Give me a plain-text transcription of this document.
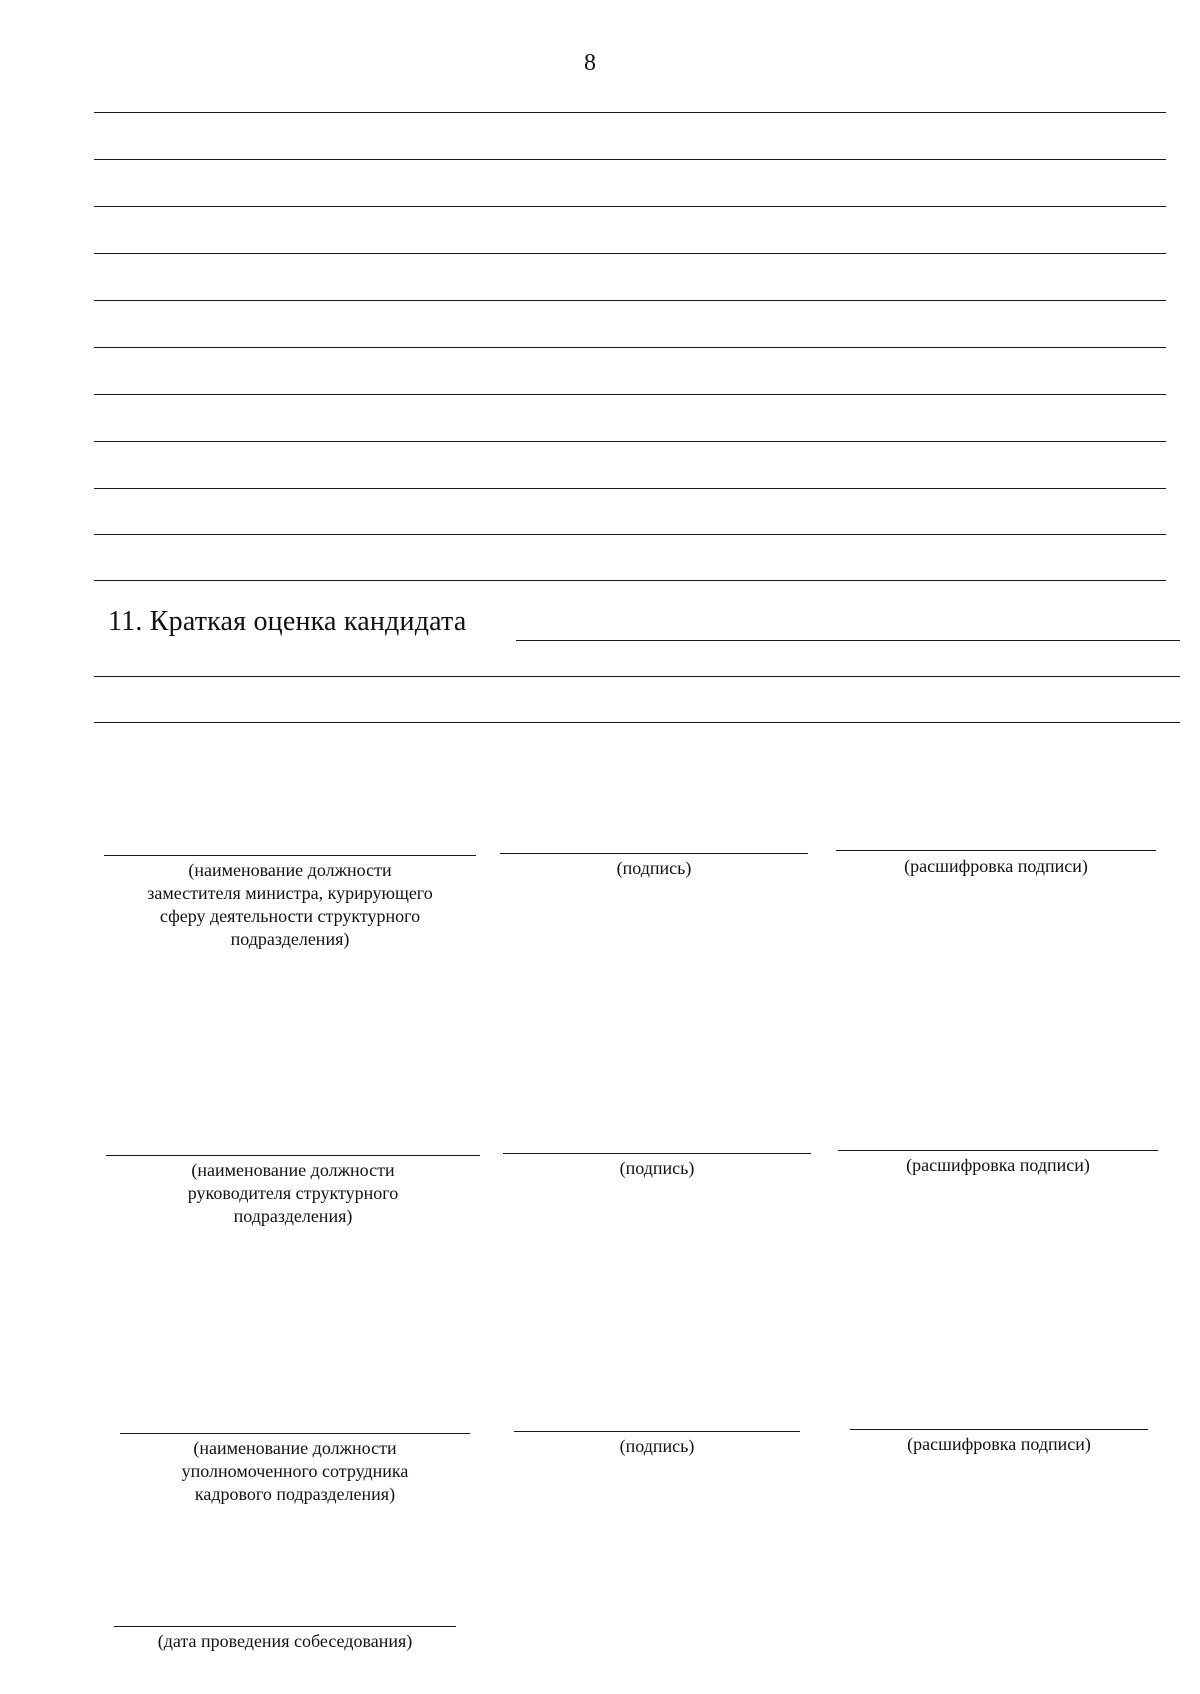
8
11. Краткая оценка кандидата
(наименование должности
заместителя министра, курирующего
сферу деятельности структурного
подразделения)
(подпись)	(расшифровка подписи)
(наименование должности
руководителя структурного
подразделения)
(подпись)	(расшифровка подписи)
(наименование должности
уполномоченного сотрудника
кадрового подразделения)
(подпись)	(расшифровка подписи)
(дата проведения собеседования)
